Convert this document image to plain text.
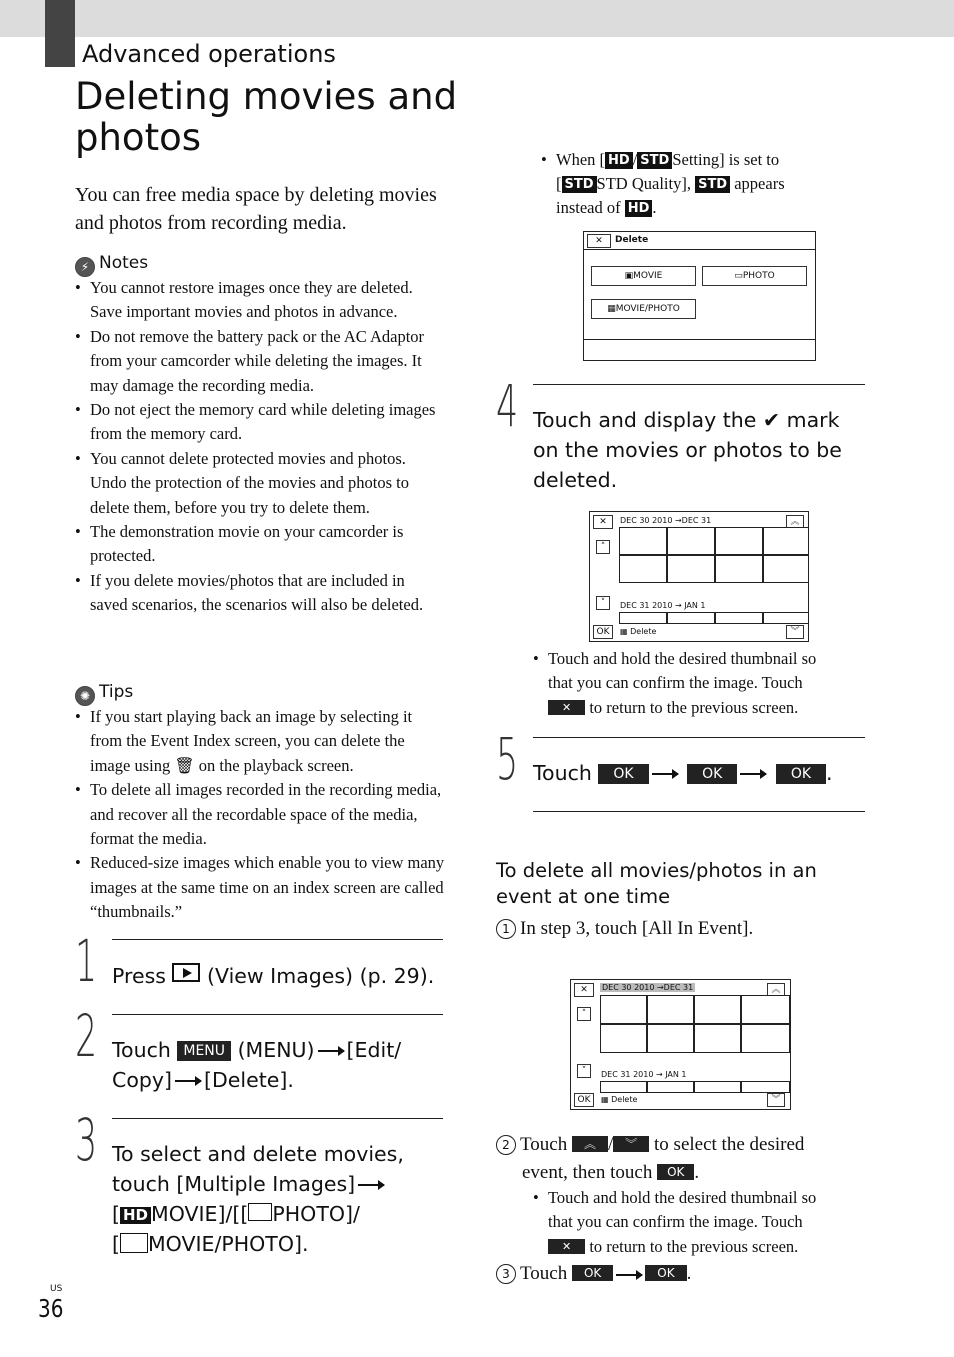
Advanced operations
Deleting movies and photos
You can free media space by deleting movies and photos from recording media.
⚡ Notes
• You cannot restore images once they are deleted. Save important movies and photos in advance.
• Do not remove the battery pack or the AC Adaptor from your camcorder while deleting the images. It may damage the recording media.
• Do not eject the memory card while deleting images from the memory card.
• You cannot delete protected movies and photos. Undo the protection of the movies and photos to delete them, before you try to delete them.
• The demonstration movie on your camcorder is protected.
• If you delete movies/photos that are included in saved scenarios, the scenarios will also be deleted.
✺ Tips
• If you start playing back an image by selecting it from the Event Index screen, you can delete the image using 🗑 on the playback screen.
• To delete all images recorded in the recording media, and recover all the recordable space of the media, format the media.
• Reduced-size images which enable you to view many images at the same time on an index screen are called “thumbnails.”
1 Press (View Images) (p. 29).
2 Touch MENU (MENU) [Edit/
Copy] [Delete].
3 To select and delete movies,
touch [Multiple Images]
[ HD MOVIE]/[[ PHOTO]/
[ MOVIE/PHOTO].
• When [ HD / STD Setting] is set to
[ STD STD Quality], STD appears
instead of HD .
✕	Delete
▣MOVIE	▭PHOTO
▦MOVIE/PHOTO
4 Touch and display the ✔ mark
on the movies or photos to be
deleted.
✕	DEC 30 2010 →DEC 31	︽
˄
˅	DEC 31 2010 → JAN 1
OK	▦ Delete	︾
• Touch and hold the desired thumbnail so
that you can confirm the image. Touch
✕ to return to the previous screen.
5 Touch OK	OK	OK .
To delete all movies/photos in an event at one time
1 In step 3, touch [All In Event].
✕	DEC 30 2010 →DEC 31	︽
˄
˅	DEC 31 2010 → JAN 1
OK	▦ Delete	︾
2 Touch ︽ / ︾ to select the desired
event, then touch OK .
• Touch and hold the desired thumbnail so
that you can confirm the image. Touch
✕ to return to the previous screen.
3 Touch OK	OK .
US
36
